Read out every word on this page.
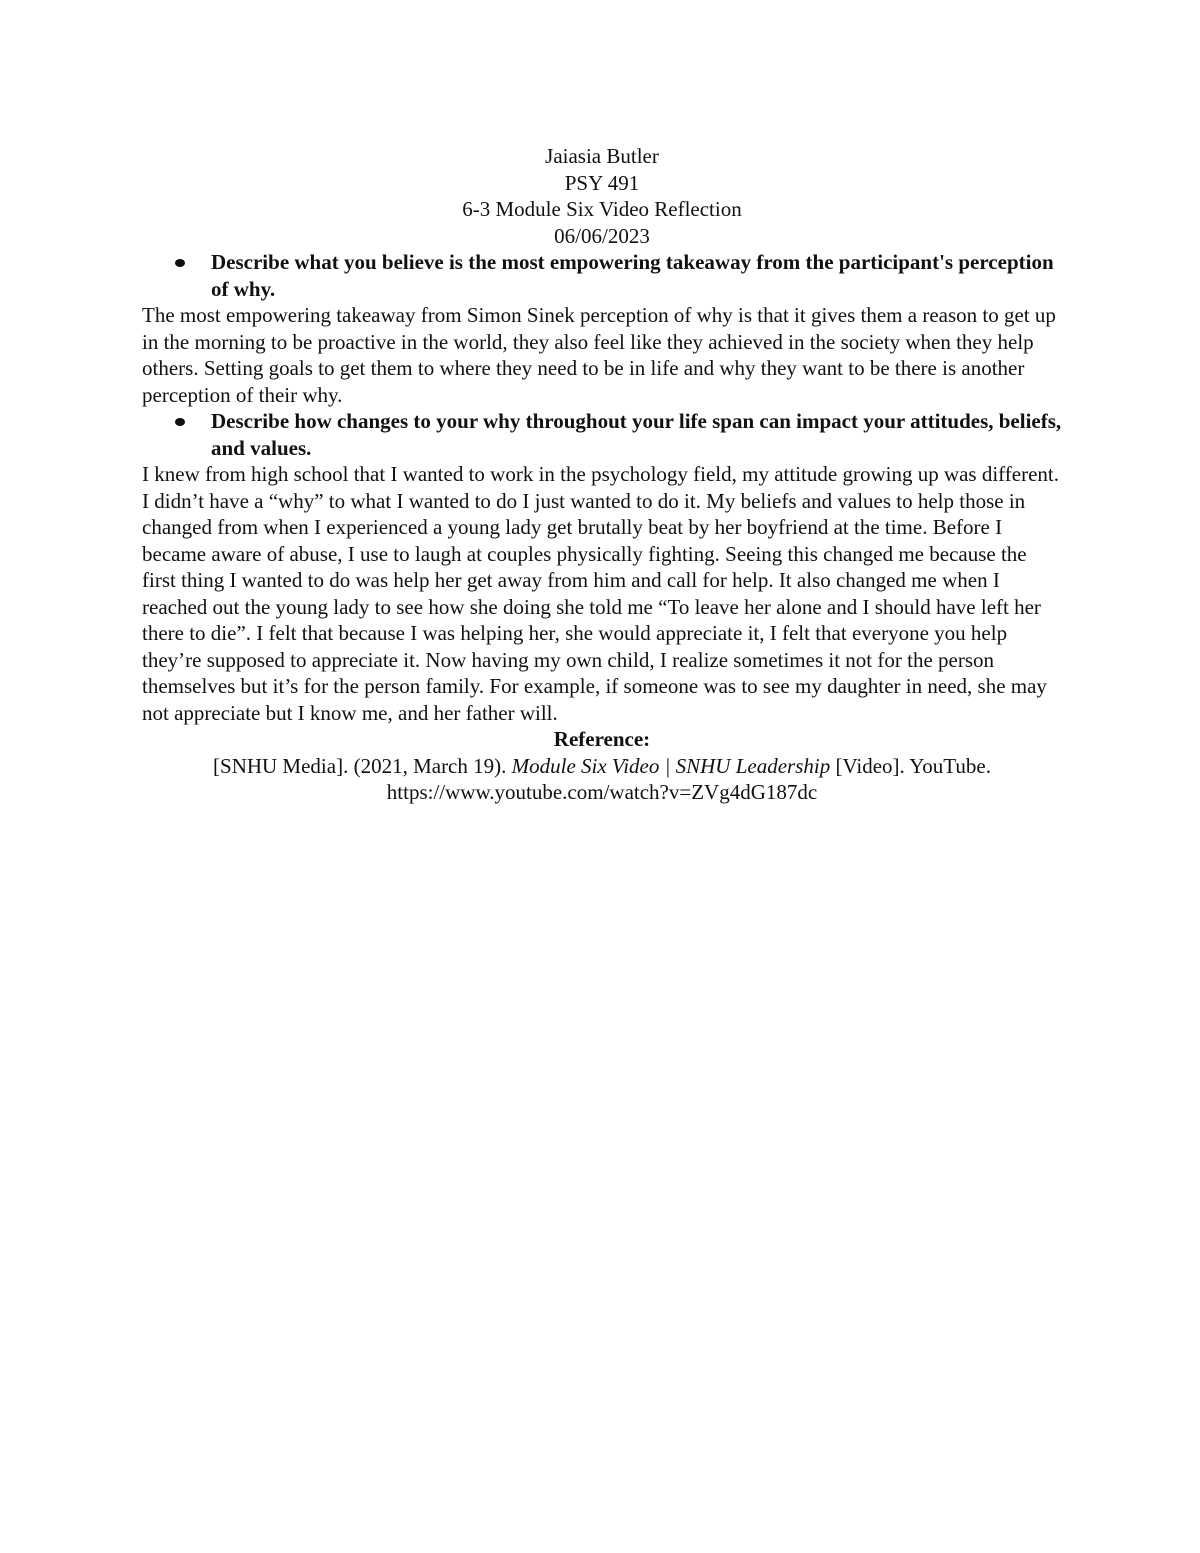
Jaiasia Butler
PSY 491
6-3 Module Six Video Reflection
06/06/2023
Describe what you believe is the most empowering takeaway from the participant's perception of why.

The most empowering takeaway from Simon Sinek perception of why is that it gives them a reason to get up in the morning to be proactive in the world, they also feel like they achieved in the society when they help others. Setting goals to get them to where they need to be in life and why they want to be there is another perception of their why.

Describe how changes to your why throughout your life span can impact your attitudes, beliefs, and values.

I knew from high school that I wanted to work in the psychology field, my attitude growing up was different. I didn’t have a “why” to what I wanted to do I just wanted to do it. My beliefs and values to help those in changed from when I experienced a young lady get brutally beat by her boyfriend at the time. Before I became aware of abuse, I use to laugh at couples physically fighting. Seeing this changed me because the first thing I wanted to do was help her get away from him and call for help. It also changed me when I reached out the young lady to see how she doing she told me “To leave her alone and I should have left her there to die”. I felt that because I was helping her, she would appreciate it, I felt that everyone you help they’re supposed to appreciate it. Now having my own child, I realize sometimes it not for the person themselves but it’s for the person family. For example, if someone was to see my daughter in need, she may not appreciate but I know me, and her father will.

Reference:
[SNHU Media]. (2021, March 19). Module Six Video | SNHU Leadership [Video]. YouTube. https://www.youtube.com/watch?v=ZVg4dG187dc
